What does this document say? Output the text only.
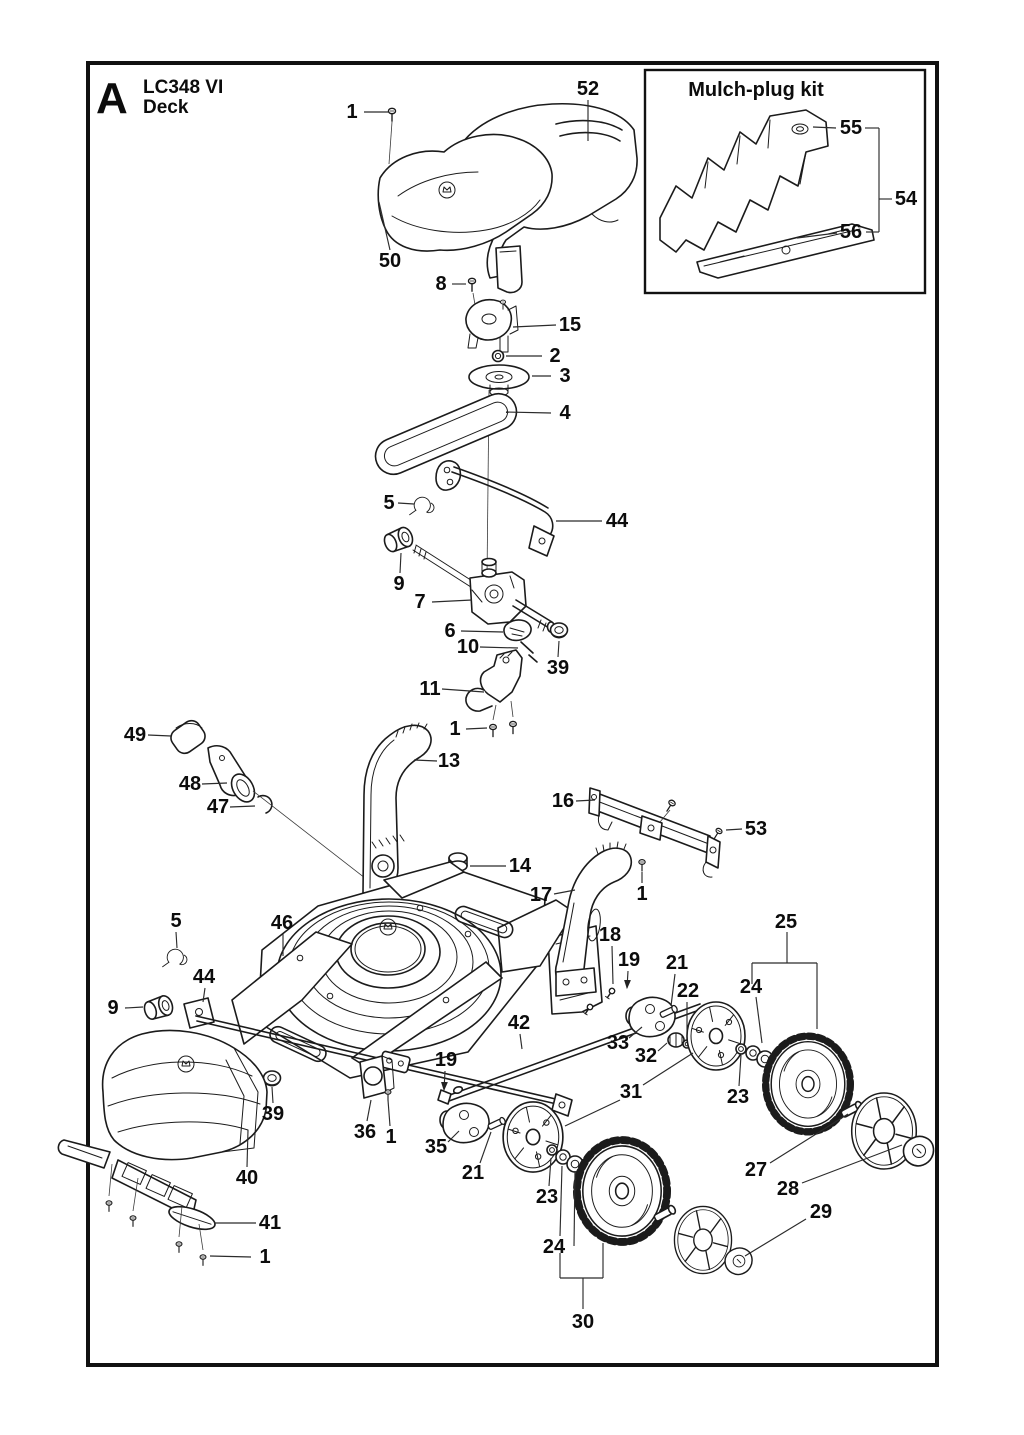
A LC348 VI
Deck
Mulch-plug kit
1
52
50
8
15
2
3
4
5
44
9
7
6
10
39
11
1
49
48
47
13
16
53
14
17	1
5	46
44
9
18
19 21
22
25
24
33
32
23
31
42
19
39
36 1 35
21
23
24
30
27
28
29
40
41
1
55
54
56
